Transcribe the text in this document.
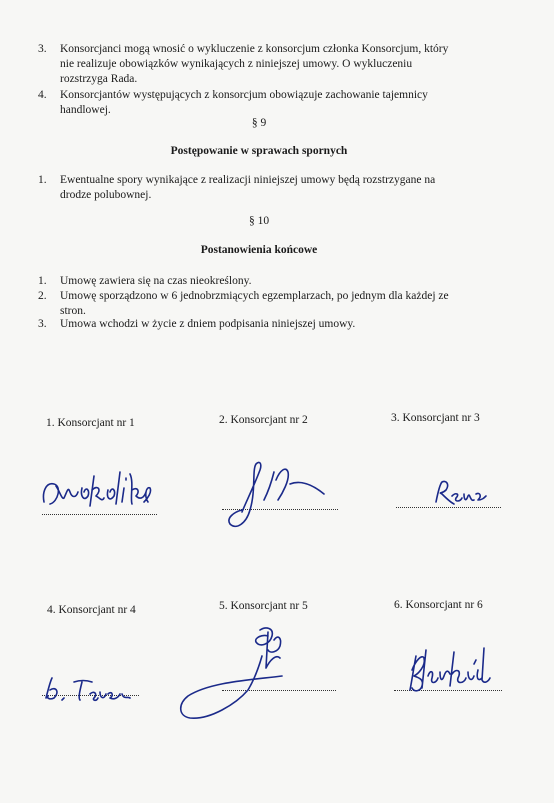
3. Konsorcjanci mogą wnosić o wykluczenie z konsorcjum członka Konsorcjum, który
nie realizuje obowiązków wynikających z niniejszej umowy. O wykluczeniu
rozstrzyga Rada.
4. Konsorcjantów występujących z konsorcjum obowiązuje zachowanie tajemnicy
handlowej.
§ 9
Postępowanie w sprawach spornych
1. Ewentualne spory wynikające z realizacji niniejszej umowy będą rozstrzygane na
drodze polubownej.
§ 10
Postanowienia końcowe
1. Umowę zawiera się na czas nieokreślony.
2. Umowę sporządzono w 6 jednobrzmiących egzemplarzach, po jednym dla każdej ze
stron.
3. Umowa wchodzi w życie z dniem podpisania niniejszej umowy.
1. Konsorcjant nr 1	2. Konsorcjant nr 2	3. Konsorcjant nr 3
4. Konsorcjant nr 4	5. Konsorcjant nr 5	6. Konsorcjant nr 6
